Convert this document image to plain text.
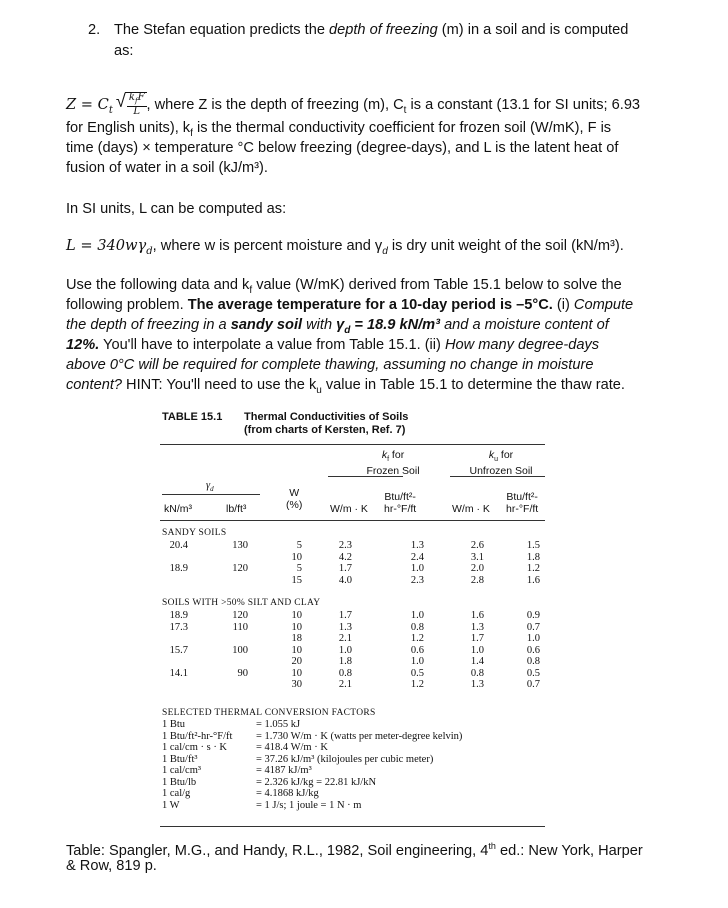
2. The Stefan equation predicts the depth of freezing (m) in a soil and is computed
as:
$Z = C_t$
√ $\frac{k_fF}{L}$ , where Z is the depth of freezing (m), $C_t$ is a constant (13.1 for SI units; 6.93
for English units), $k_f$ is the thermal conductivity coefficient for frozen soil (W/mK), F is
time (days) × temperature °C below freezing (degree-days), and L is the latent heat of
fusion of water in a soil (kJ/m³).
In SI units, L can be computed as:
$L = 340w\gamma_d$, where w is percent moisture and $\gamma_d$ is dry unit weight of the soil (kN/m³).
Use the following data and $k_f$ value (W/mK) derived from Table 15.1 below to solve the
following problem. The average temperature for a 10-day period is –5°C. (i) Compute
the depth of freezing in a sandy soil with $\gamma_d = 18.9$ kN/m³ and a moisture content of
12%. You'll have to interpolate a value from Table 15.1. (ii) How many degree-days
above 0°C will be required for complete thawing, assuming no change in moisture
content? HINT: You'll need to use the $k_u$ value in Table 15.1 to determine the thaw rate.
TABLE 15.1 Thermal Conductivities of Soils
(from charts of Kersten, Ref. 7)
$k_f$ for
Frozen Soil
$k_u$ for
Unfrozen Soil
$\gamma_d$	W
(%)
kN/m³	lb/ft³	W/m · K
Btu/ft²-
hr-°F/ft	W/m · K
Btu/ft²-
hr-°F/ft
SANDY SOILS
20.4

18.9
130

120
5
10
5
15
2.3
4.2
1.7
4.0
1.3
2.4
1.0
2.3
2.6
3.1
2.0
2.8
1.5
1.8
1.2
1.6
SOILS WITH >50% SILT AND CLAY
18.9
17.3

15.7

14.1
120
110

100

90
10
10
18
10
20
10
30
1.7
1.3
2.1
1.0
1.8
0.8
2.1
1.0
0.8
1.2
0.6
1.0
0.5
1.2
1.6
1.3
1.7
1.0
1.4
0.8
1.3
0.9
0.7
1.0
0.6
0.8
0.5
0.7
SELECTED THERMAL CONVERSION FACTORS
1 Btu
1 Btu/ft²-hr-°F/ft
1 cal/cm · s · K
1 Btu/ft³
1 cal/cm³
1 Btu/lb
1 cal/g
1 W
= 1.055 kJ
= 1.730 W/m · K (watts per meter-degree kelvin)
= 418.4 W/m · K
= 37.26 kJ/m³ (kilojoules per cubic meter)
= 4187 kJ/m³
= 2.326 kJ/kg = 22.81 kJ/kN
= 4.1868 kJ/kg
= 1 J/s; 1 joule = 1 N · m
Table: Spangler, M.G., and Handy, R.L., 1982, Soil engineering, 4th ed.: New York, Harper
& Row, 819 p.
